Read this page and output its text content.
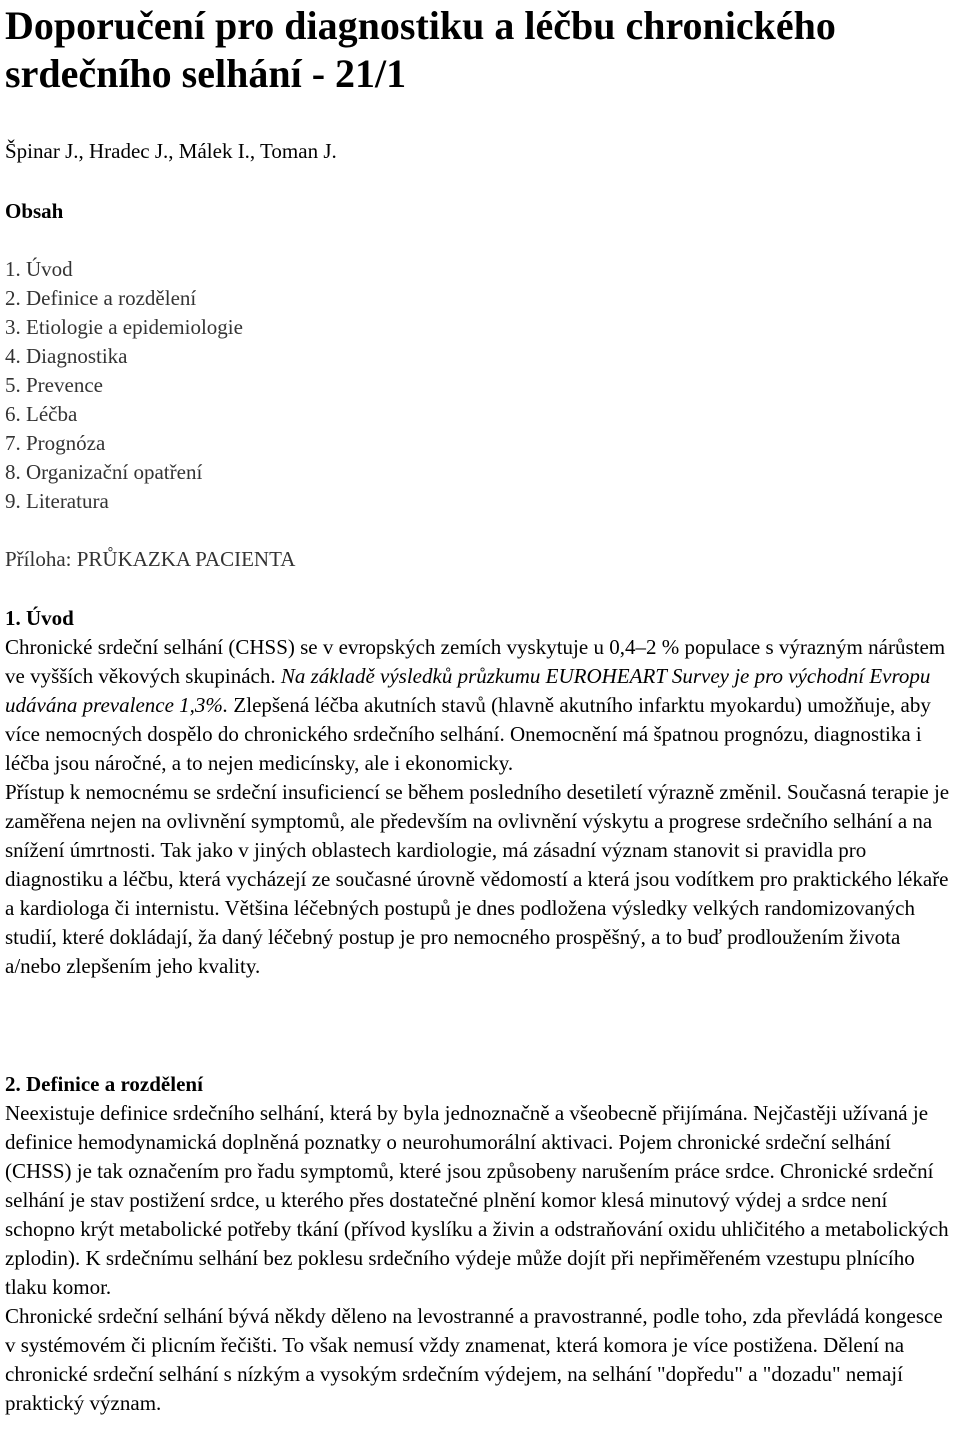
Doporučení pro diagnostiku a léčbu chronického srdečního selhání - 21/1

Špinar J., Hradec J., Málek I., Toman J.

Obsah
1. Úvod
2. Definice a rozdělení
3. Etiologie a epidemiologie
4. Diagnostika
5. Prevence
6. Léčba
7. Prognóza
8. Organizační opatření
9. Literatura
Příloha: PRŮKAZKA PACIENTA
1. Úvod

Chronické srdeční selhání (CHSS) se v evropských zemích vyskytuje u 0,4–2 % populace s výrazným nárůstem ve vyšších věkových skupinách. Na základě výsledků průzkumu EUROHEART Survey je pro východní Evropu udávána prevalence 1,3%. Zlepšená léčba akutních stavů (hlavně akutního infarktu myokardu) umožňuje, aby více nemocných dospělo do chronického srdečního selhání. Onemocnění má špatnou prognózu, diagnostika i léčba jsou náročné, a to nejen medicínsky, ale i ekonomicky.

Přístup k nemocnému se srdeční insuficiencí se během posledního desetiletí výrazně změnil. Současná terapie je zaměřena nejen na ovlivnění symptomů, ale především na ovlivnění výskytu a progrese srdečního selhání a na snížení úmrtnosti. Tak jako v jiných oblastech kardiologie, má zásadní význam stanovit si pravidla pro diagnostiku a léčbu, která vycházejí ze současné úrovně vědomostí a která jsou vodítkem pro praktického lékaře a kardiologa či internistu. Většina léčebných postupů je dnes podložena výsledky velkých randomizovaných studií, které dokládají, ža daný léčebný postup je pro nemocného prospěšný, a to buď prodloužením života a/nebo zlepšením jeho kvality.

2. Definice a rozdělení

Neexistuje definice srdečního selhání, která by byla jednoznačně a všeobecně přijímána. Nejčastěji užívaná je definice hemodynamická doplněná poznatky o neurohumorální aktivaci. Pojem chronické srdeční selhání (CHSS) je tak označením pro řadu symptomů, které jsou způsobeny narušením práce srdce. Chronické srdeční selhání je stav postižení srdce, u kterého přes dostatečné plnění komor klesá minutový výdej a srdce není schopno krýt metabolické potřeby tkání (přívod kyslíku a živin a odstraňování oxidu uhličitého a metabolických zplodin). K srdečnímu selhání bez poklesu srdečního výdeje může dojít při nepřiměřeném vzestupu plnícího tlaku komor.

Chronické srdeční selhání bývá někdy děleno na levostranné a pravostranné, podle toho, zda převládá kongesce v systémovém či plicním řečišti. To však nemusí vždy znamenat, která komora je více postižena. Dělení na chronické srdeční selhání s nízkým a vysokým srdečním výdejem, na selhání "dopředu" a "dozadu" nemají praktický význam.
